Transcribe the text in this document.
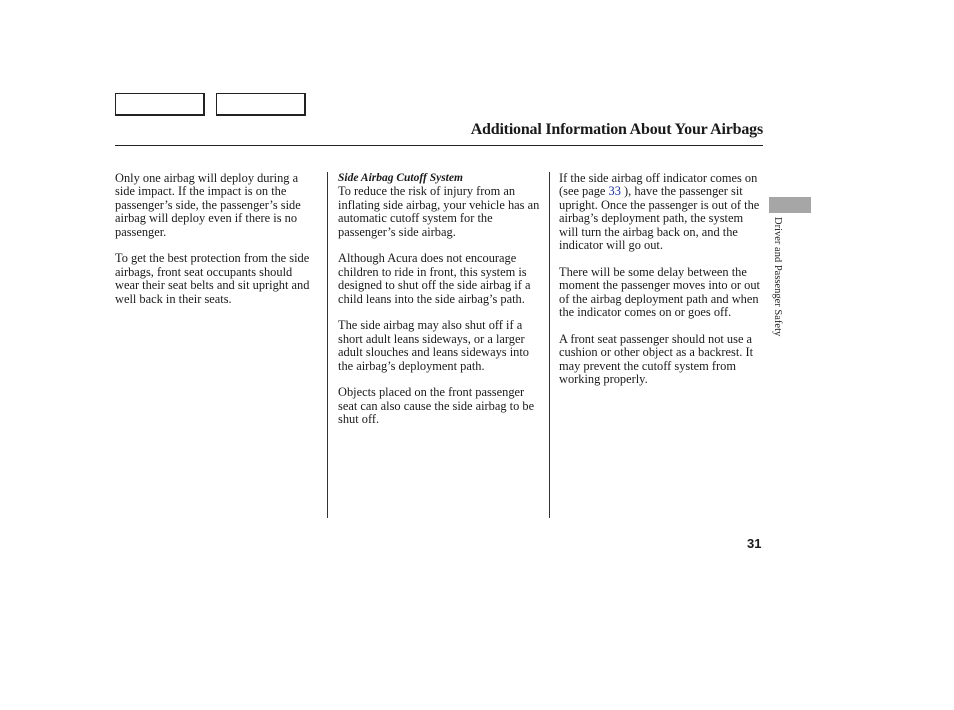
Additional Information About Your Airbags

Only one airbag will deploy during a side impact. If the impact is on the passenger’s side, the passenger’s side airbag will deploy even if there is no passenger.

To get the best protection from the side airbags, front seat occupants should wear their seat belts and sit upright and well back in their seats.

Side Airbag Cutoff System

To reduce the risk of injury from an inflating side airbag, your vehicle has an automatic cutoff system for the passenger’s side airbag.

Although Acura does not encourage children to ride in front, this system is designed to shut off the side airbag if a child leans into the side airbag’s path.

The side airbag may also shut off if a short adult leans sideways, or a larger adult slouches and leans sideways into the airbag’s deployment path.

Objects placed on the front passenger seat can also cause the side airbag to be shut off.

If the side airbag off indicator comes on (see page 33 ), have the passenger sit upright. Once the passenger is out of the airbag’s deployment path, the system will turn the airbag back on, and the indicator will go out.

There will be some delay between the moment the passenger moves into or out of the airbag deployment path and when the indicator comes on or goes off.

A front seat passenger should not use a cushion or other object as a backrest. It may prevent the cutoff system from working properly.

Driver and Passenger Safety
31
